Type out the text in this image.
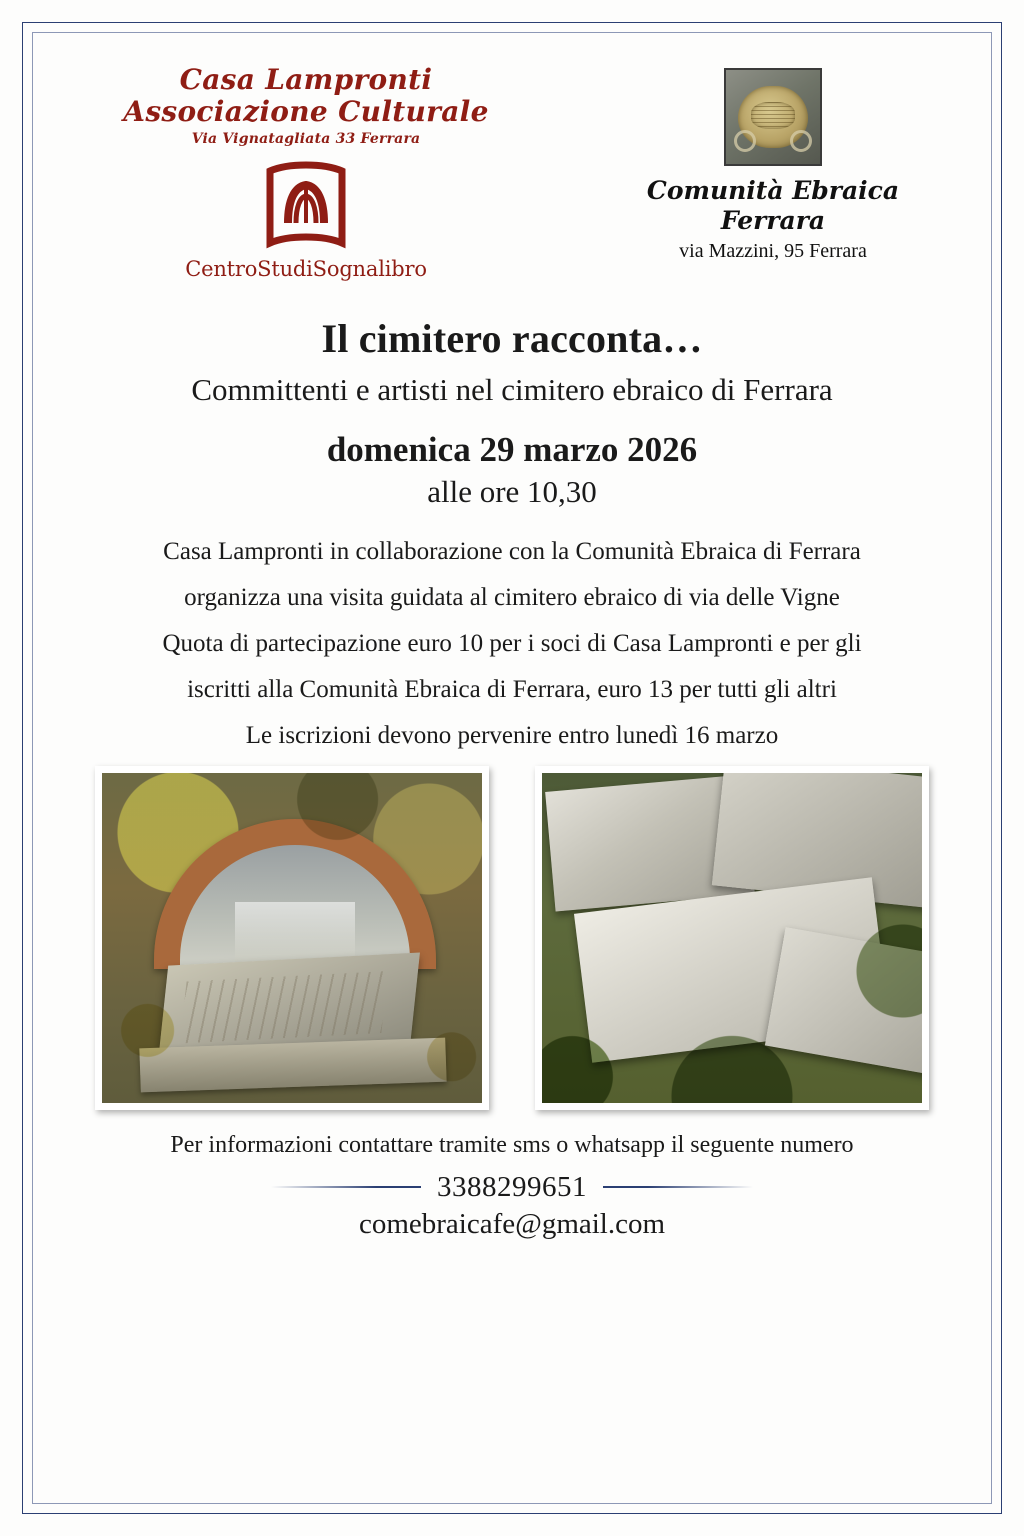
Casa Lampronti
Associazione Culturale
Via Vignatagliata 33 Ferrara
CentroStudiSognalibro
Comunità Ebraica
Ferrara
via Mazzini, 95 Ferrara
Il cimitero racconta…
Committenti e artisti nel cimitero ebraico di Ferrara
domenica 29 marzo 2026
alle ore 10,30

Casa Lampronti in collaborazione con la Comunità Ebraica di Ferrara

organizza una visita guidata al cimitero ebraico di via delle Vigne

Quota di partecipazione euro 10 per i soci di Casa Lampronti e per gli

iscritti alla Comunità Ebraica di Ferrara, euro 13 per tutti gli altri

Le iscrizioni devono pervenire entro lunedì 16 marzo

Per informazioni contattare tramite sms o whatsapp il seguente numero
3388299651
comebraicafe@gmail.com
